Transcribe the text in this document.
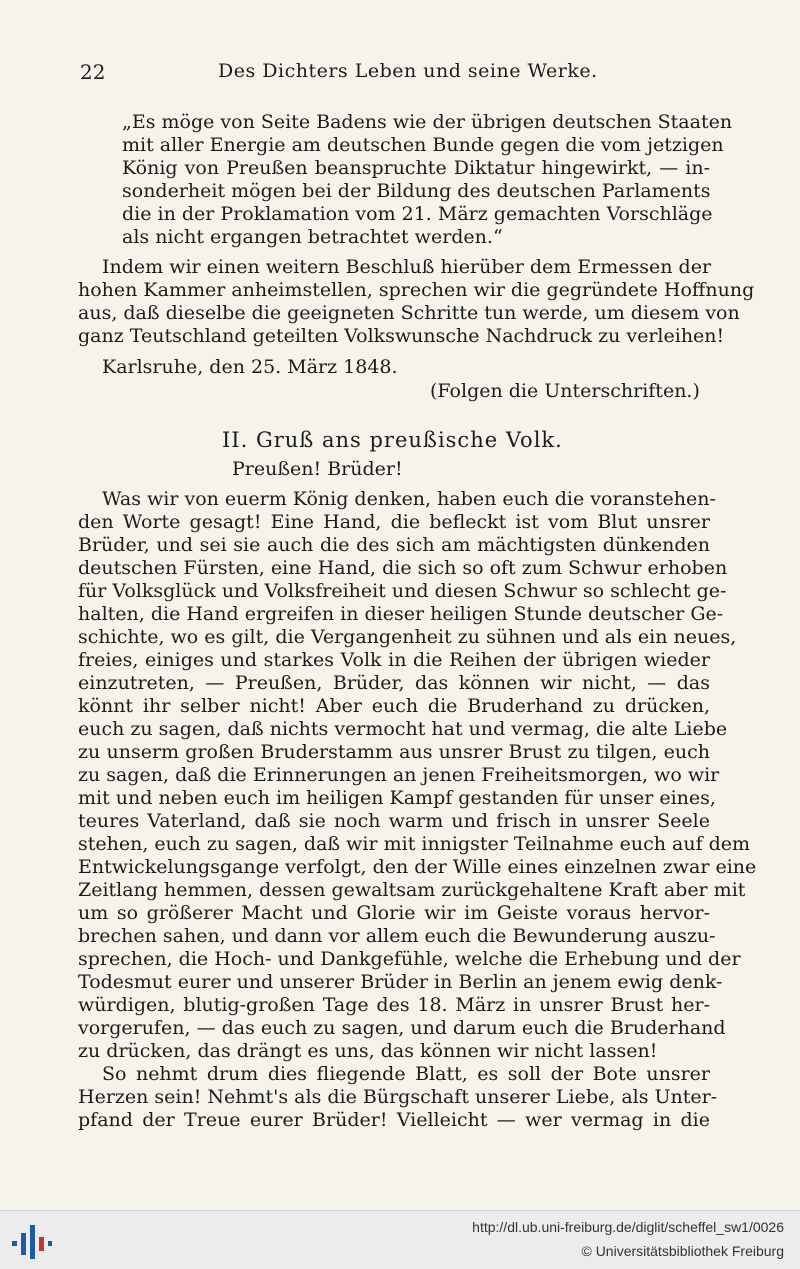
22	Des Dichters Leben und seine Werke.
„Es möge von Seite Badens wie der übrigen deutschen Staaten
mit aller Energie am deutschen Bunde gegen die vom jetzigen
König von Preußen beanspruchte Diktatur hingewirkt, — in-
sonderheit mögen bei der Bildung des deutschen Parlaments
die in der Proklamation vom 21. März gemachten Vorschläge
als nicht ergangen betrachtet werden.“
Indem wir einen weitern Beschluß hierüber dem Ermessen der
hohen Kammer anheimstellen, sprechen wir die gegründete Hoffnung
aus, daß dieselbe die geeigneten Schritte tun werde, um diesem von
ganz Teutschland geteilten Volkswunsche Nachdruck zu verleihen!
Karlsruhe, den 25. März 1848.
(Folgen die Unterschriften.)
II. Gruß ans preußische Volk.
Preußen! Brüder!
Was wir von euerm König denken, haben euch die voranstehen-
den Worte gesagt! Eine Hand, die befleckt ist vom Blut unsrer
Brüder, und sei sie auch die des sich am mächtigsten dünkenden
deutschen Fürsten, eine Hand, die sich so oft zum Schwur erhoben
für Volksglück und Volksfreiheit und diesen Schwur so schlecht ge-
halten, die Hand ergreifen in dieser heiligen Stunde deutscher Ge-
schichte, wo es gilt, die Vergangenheit zu sühnen und als ein neues,
freies, einiges und starkes Volk in die Reihen der übrigen wieder
einzutreten, — Preußen, Brüder, das können wir nicht, — das
könnt ihr selber nicht! Aber euch die Bruderhand zu drücken,
euch zu sagen, daß nichts vermocht hat und vermag, die alte Liebe
zu unserm großen Bruderstamm aus unsrer Brust zu tilgen, euch
zu sagen, daß die Erinnerungen an jenen Freiheitsmorgen, wo wir
mit und neben euch im heiligen Kampf gestanden für unser eines,
teures Vaterland, daß sie noch warm und frisch in unsrer Seele
stehen, euch zu sagen, daß wir mit innigster Teilnahme euch auf dem
Entwickelungsgange verfolgt, den der Wille eines einzelnen zwar eine
Zeitlang hemmen, dessen gewaltsam zurückgehaltene Kraft aber mit
um so größerer Macht und Glorie wir im Geiste voraus hervor-
brechen sahen, und dann vor allem euch die Bewunderung auszu-
sprechen, die Hoch- und Dankgefühle, welche die Erhebung und der
Todesmut eurer und unserer Brüder in Berlin an jenem ewig denk-
würdigen, blutig-großen Tage des 18. März in unsrer Brust her-
vorgerufen, — das euch zu sagen, und darum euch die Bruderhand
zu drücken, das drängt es uns, das können wir nicht lassen!
So nehmt drum dies fliegende Blatt, es soll der Bote unsrer
Herzen sein! Nehmt's als die Bürgschaft unserer Liebe, als Unter-
pfand der Treue eurer Brüder! Vielleicht — wer vermag in die
http://dl.ub.uni-freiburg.de/diglit/scheffel_sw1/0026
© Universitätsbibliothek Freiburg
